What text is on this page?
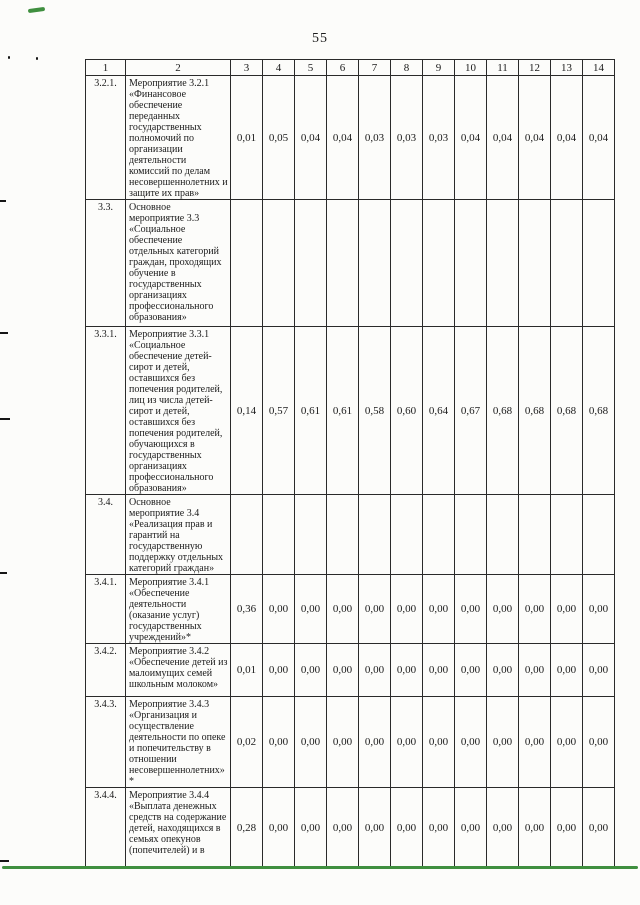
55
1	2	3	4	5	6	7	8	9	10	11	12	13	14
3.2.1.	Мероприятие 3.2.1 «Финансовое обеспечение переданных государственных полномочий по организации деятельности комиссий по делам несовершеннолетних и защите их прав»	0,01	0,05	0,04	0,04	0,03	0,03	0,03	0,04	0,04	0,04	0,04	0,04
3.3.	Основное мероприятие 3.3 «Социальное обеспечение отдельных категорий граждан, проходящих обучение в государственных организациях профессионального образования»												
3.3.1.	Мероприятие 3.3.1 «Социальное обеспечение детей-сирот и детей, оставшихся без попечения родителей, лиц из числа детей-сирот и детей, оставшихся без попечения родителей, обучающихся в государственных организациях профессионального образования»	0,14	0,57	0,61	0,61	0,58	0,60	0,64	0,67	0,68	0,68	0,68	0,68
3.4.	Основное мероприятие 3.4 «Реализация прав и гарантий на государственную поддержку отдельных категорий граждан»												
3.4.1.	Мероприятие 3.4.1 «Обеспечение деятельности (оказание услуг) государственных учреждений»*	0,36	0,00	0,00	0,00	0,00	0,00	0,00	0,00	0,00	0,00	0,00	0,00
3.4.2.	Мероприятие 3.4.2 «Обеспечение детей из малоимущих семей школьным молоком»	0,01	0,00	0,00	0,00	0,00	0,00	0,00	0,00	0,00	0,00	0,00	0,00
3.4.3.	Мероприятие 3.4.3 «Организация и осуществление деятельности по опеке и попечительству в отношении несовершеннолетних» *	0,02	0,00	0,00	0,00	0,00	0,00	0,00	0,00	0,00	0,00	0,00	0,00
3.4.4.	Мероприятие 3.4.4 «Выплата денежных средств на содержание детей, находящихся в семьях опекунов (попечителей) и в	0,28	0,00	0,00	0,00	0,00	0,00	0,00	0,00	0,00	0,00	0,00	0,00
